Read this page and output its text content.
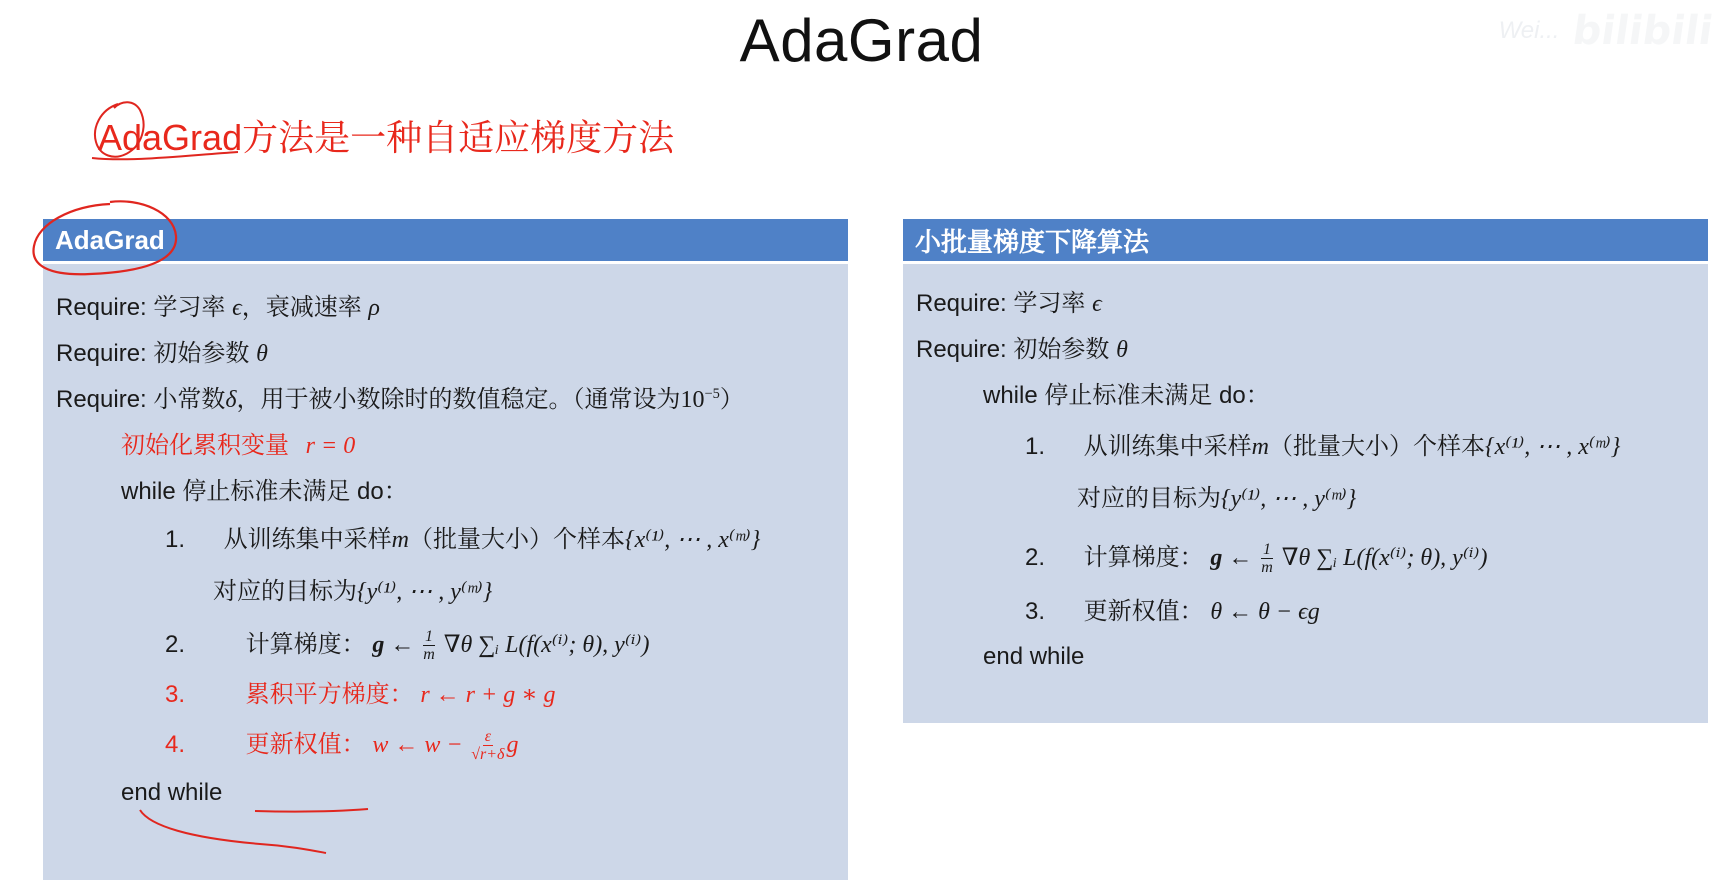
AdaGrad	Wei... bilibili
AdaGrad方法是一种自适应梯度方法
AdaGrad
Require: 学习率 ϵ，衰减速率 ρ
Require: 初始参数 θ
Require: 小常数δ，用于被小数除时的数值稳定。（通常设为$10^{-5}$）
初始化累积变量 r = 0
while 停止标准未满足 do：
1. 从训练集中采样m（批量大小）个样本{x⁽¹⁾, ⋯ , x⁽ᵐ⁾}
对应的目标为{y⁽¹⁾, ⋯ , y⁽ᵐ⁾}
2.	计算梯度： g ← $\frac{1}{m} \nabla\theta$ ∑ᵢ L(f(x⁽ⁱ⁾; θ), y⁽ⁱ⁾)
3.	累积平方梯度： r ← r + g ∗ g
4.	更新权值： w ← $w - \frac{\varepsilon}{√r+\delta}$ g
end while
小批量梯度下降算法
Require: 学习率 ϵ
Require: 初始参数 θ
while 停止标准未满足 do：
1. 从训练集中采样m（批量大小）个样本{x⁽¹⁾, ⋯ , x⁽ᵐ⁾}
对应的目标为{y⁽¹⁾, ⋯ , y⁽ᵐ⁾}
2. 计算梯度： g ← $\frac{1}{m} \nabla\theta$ ∑ᵢ L(f(x⁽ⁱ⁾; θ), y⁽ⁱ⁾)
3. 更新权值： θ ← θ − ϵg
end while
